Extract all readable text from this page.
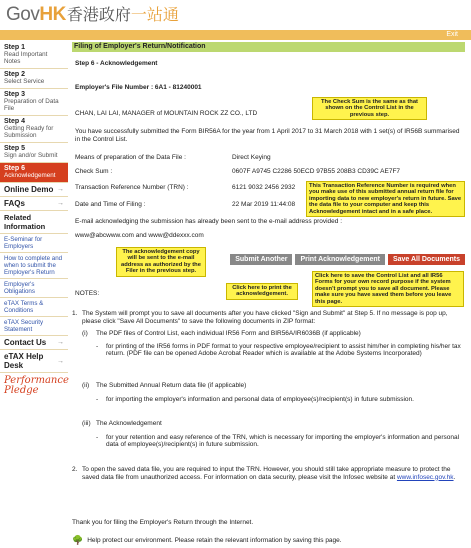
Gov HK 香港政府 一站通
Exit
Step 1
Read Important Notes
Step 2
Select Service
Step 3
Preparation of Data File
Step 4
Getting Ready for Submission
Step 5
Sign and/or Submit
Step 6
Acknowledgement
Online Demo →
FAQs	→
Related Information
E-Seminar for Employers
How to complete and when to submit the Employer's Return
Employer's Obligations
eTAX Terms & Conditions
eTAX Security Statement
Contact Us →
eTAX Help Desk	→
Performance Pledge
Filing of Employer's Return/Notification
Step 6 - Acknowledgement
Employer's File Number : 6A1 - 81240001
CHAN, LAI LAI, MANAGER of MOUNTAIN ROCK ZZ CO., LTD
You have successfully submitted the Form BIR56A for the year from 1 April 2017 to 31 March 2018 with 1 set(s) of IR56B summarised in the Control List.
Means of preparation of the Data File :	Direct Keying
Check Sum :	0607F A9745 C2286 50ECD 97B55 208B3 CD39C AE7F7
Transaction Reference Number (TRN) :	6121 9032 2456 2932
Date and Time of Filing :	22 Mar 2019 11:44:08
E-mail acknowledging the submission has already been sent to the e-mail address provided :
www@abcwww.com and www@ddexxx.com
The Check Sum is the same as that shown on the Control List in the previous step.
This Transaction Reference Number is required when you make use of this submitted annual return file for importing data to new employer's return in future. Save the data file to your computer and keep this Acknowledgement intact and in a safe place.
The acknowledgement copy will be sent to the e-mail address as authorized by the Filer in the previous step.
Click here to print the acknowledgement.
Click here to save the Control List and all IR56 Forms for your own record purpose if the system doesn't prompt you to save all document. Please make sure you have saved them before you leave this page.
Submit Another	Print Acknowledgement	Save All Documents
NOTES:
1. The System will prompt you to save all documents after you have clicked "Sign and Submit" at Step 5. If no message is pop up, please click "Save All Documents" to save the following documents in ZIP format:
(i)	The PDF files of Control List, each individual IR56 Form and BIR56A/IR6036B (if applicable)
-	for printing of the IR56 forms in PDF format to your respective employee/recipient to assist him/her in completing his/her tax return. (PDF file can be opened Adobe Acrobat Reader which is available at the Adobe Systems Incorporated)
(ii)	The Submitted Annual Return data file (if applicable)
-	for importing the employer's information and personal data of employee(s)/recipient(s) in future submission.
(iii) The Acknowledgement
-	for your retention and easy reference of the TRN, which is necessary for importing the employer's information and personal data of employee(s)/recipient(s) in future submission.
2. To open the saved data file, you are required to input the TRN. However, you should still take appropriate measure to protect the saved data file from unauthorized access. For information on data security, please visit the Infosec website at www.infosec.gov.hk.
Thank you for filing the Employer's Return through the Internet.
🌳 Help protect our environment. Please retain the relevant information by saving this page.
